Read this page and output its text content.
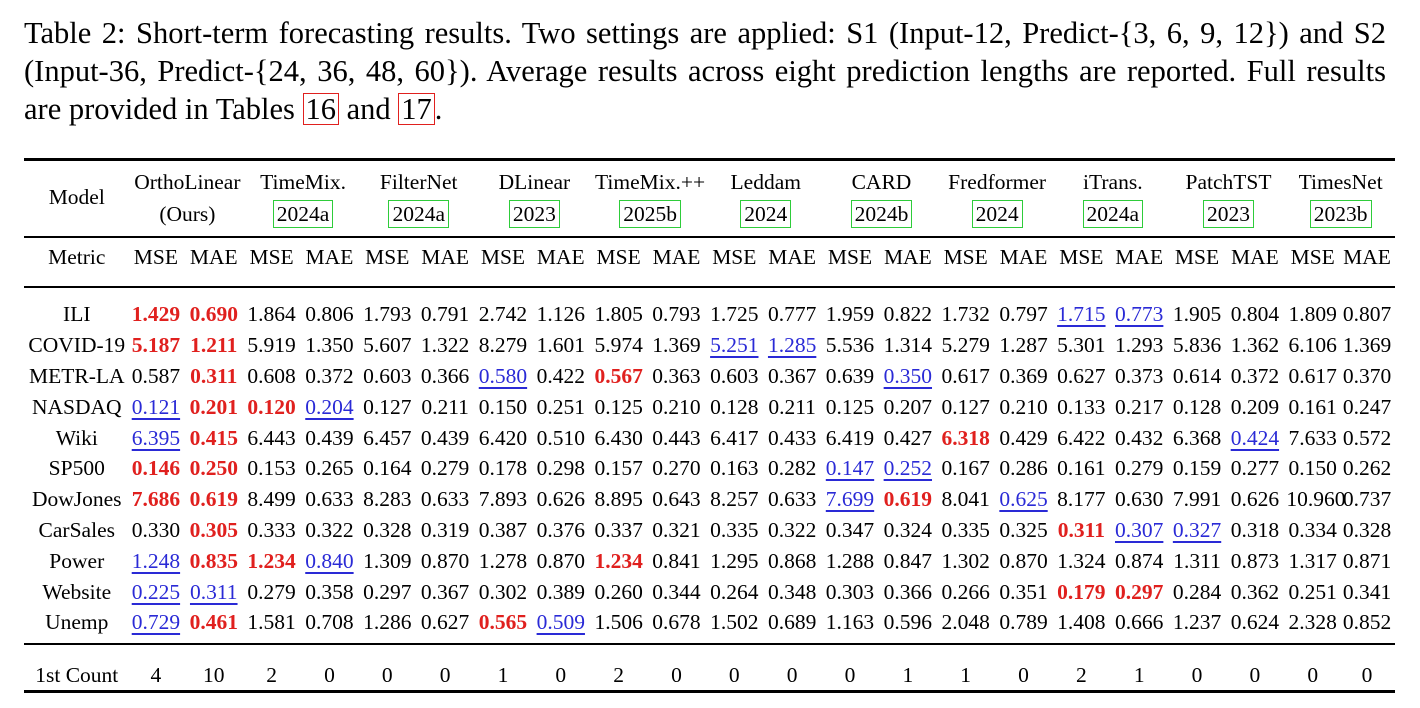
Table 2: Short-term forecasting results. Two settings are applied: S1 (Input-12, Predict-{3, 6, 9, 12}) and S2 (Input-36, Predict-{24, 36, 48, 60}). Average results across eight prediction lengths are reported. Full results are provided in Tables 16 and 17.
Model	OrthoLinear		TimeMix.		FilterNet		DLinear		TimeMix.++		Leddam		CARD		Fredformer		iTrans.		PatchTST		TimesNet	
	(Ours)		2024a		2024a		2023		2025b		2024		2024b		2024		2024a		2023		2023b	
Metric	MSE	MAE	MSE	MAE	MSE	MAE	MSE	MAE	MSE	MAE	MSE	MAE	MSE	MAE	MSE	MAE	MSE	MAE	MSE	MAE	MSE	MAE

ILI	1.429	0.690	1.864	0.806	1.793	0.791	2.742	1.126	1.805	0.793	1.725	0.777	1.959	0.822	1.732	0.797	1.715	0.773	1.905	0.804	1.809	0.807
COVID-19	5.187	1.211	5.919	1.350	5.607	1.322	8.279	1.601	5.974	1.369	5.251	1.285	5.536	1.314	5.279	1.287	5.301	1.293	5.836	1.362	6.106	1.369
METR-LA	0.587	0.311	0.608	0.372	0.603	0.366	0.580	0.422	0.567	0.363	0.603	0.367	0.639	0.350	0.617	0.369	0.627	0.373	0.614	0.372	0.617	0.370
NASDAQ	0.121	0.201	0.120	0.204	0.127	0.211	0.150	0.251	0.125	0.210	0.128	0.211	0.125	0.207	0.127	0.210	0.133	0.217	0.128	0.209	0.161	0.247
Wiki	6.395	0.415	6.443	0.439	6.457	0.439	6.420	0.510	6.430	0.443	6.417	0.433	6.419	0.427	6.318	0.429	6.422	0.432	6.368	0.424	7.633	0.572
SP500	0.146	0.250	0.153	0.265	0.164	0.279	0.178	0.298	0.157	0.270	0.163	0.282	0.147	0.252	0.167	0.286	0.161	0.279	0.159	0.277	0.150	0.262
DowJones	7.686	0.619	8.499	0.633	8.283	0.633	7.893	0.626	8.895	0.643	8.257	0.633	7.699	0.619	8.041	0.625	8.177	0.630	7.991	0.626	10.960	0.737
CarSales	0.330	0.305	0.333	0.322	0.328	0.319	0.387	0.376	0.337	0.321	0.335	0.322	0.347	0.324	0.335	0.325	0.311	0.307	0.327	0.318	0.334	0.328
Power	1.248	0.835	1.234	0.840	1.309	0.870	1.278	0.870	1.234	0.841	1.295	0.868	1.288	0.847	1.302	0.870	1.324	0.874	1.311	0.873	1.317	0.871
Website	0.225	0.311	0.279	0.358	0.297	0.367	0.302	0.389	0.260	0.344	0.264	0.348	0.303	0.366	0.266	0.351	0.179	0.297	0.284	0.362	0.251	0.341
Unemp	0.729	0.461	1.581	0.708	1.286	0.627	0.565	0.509	1.506	0.678	1.502	0.689	1.163	0.596	2.048	0.789	1.408	0.666	1.237	0.624	2.328	0.852
1st Count	4	10	2	0	0	0	1	0	2	0	0	0	0	1	1	0	2	1	0	0	0	0
